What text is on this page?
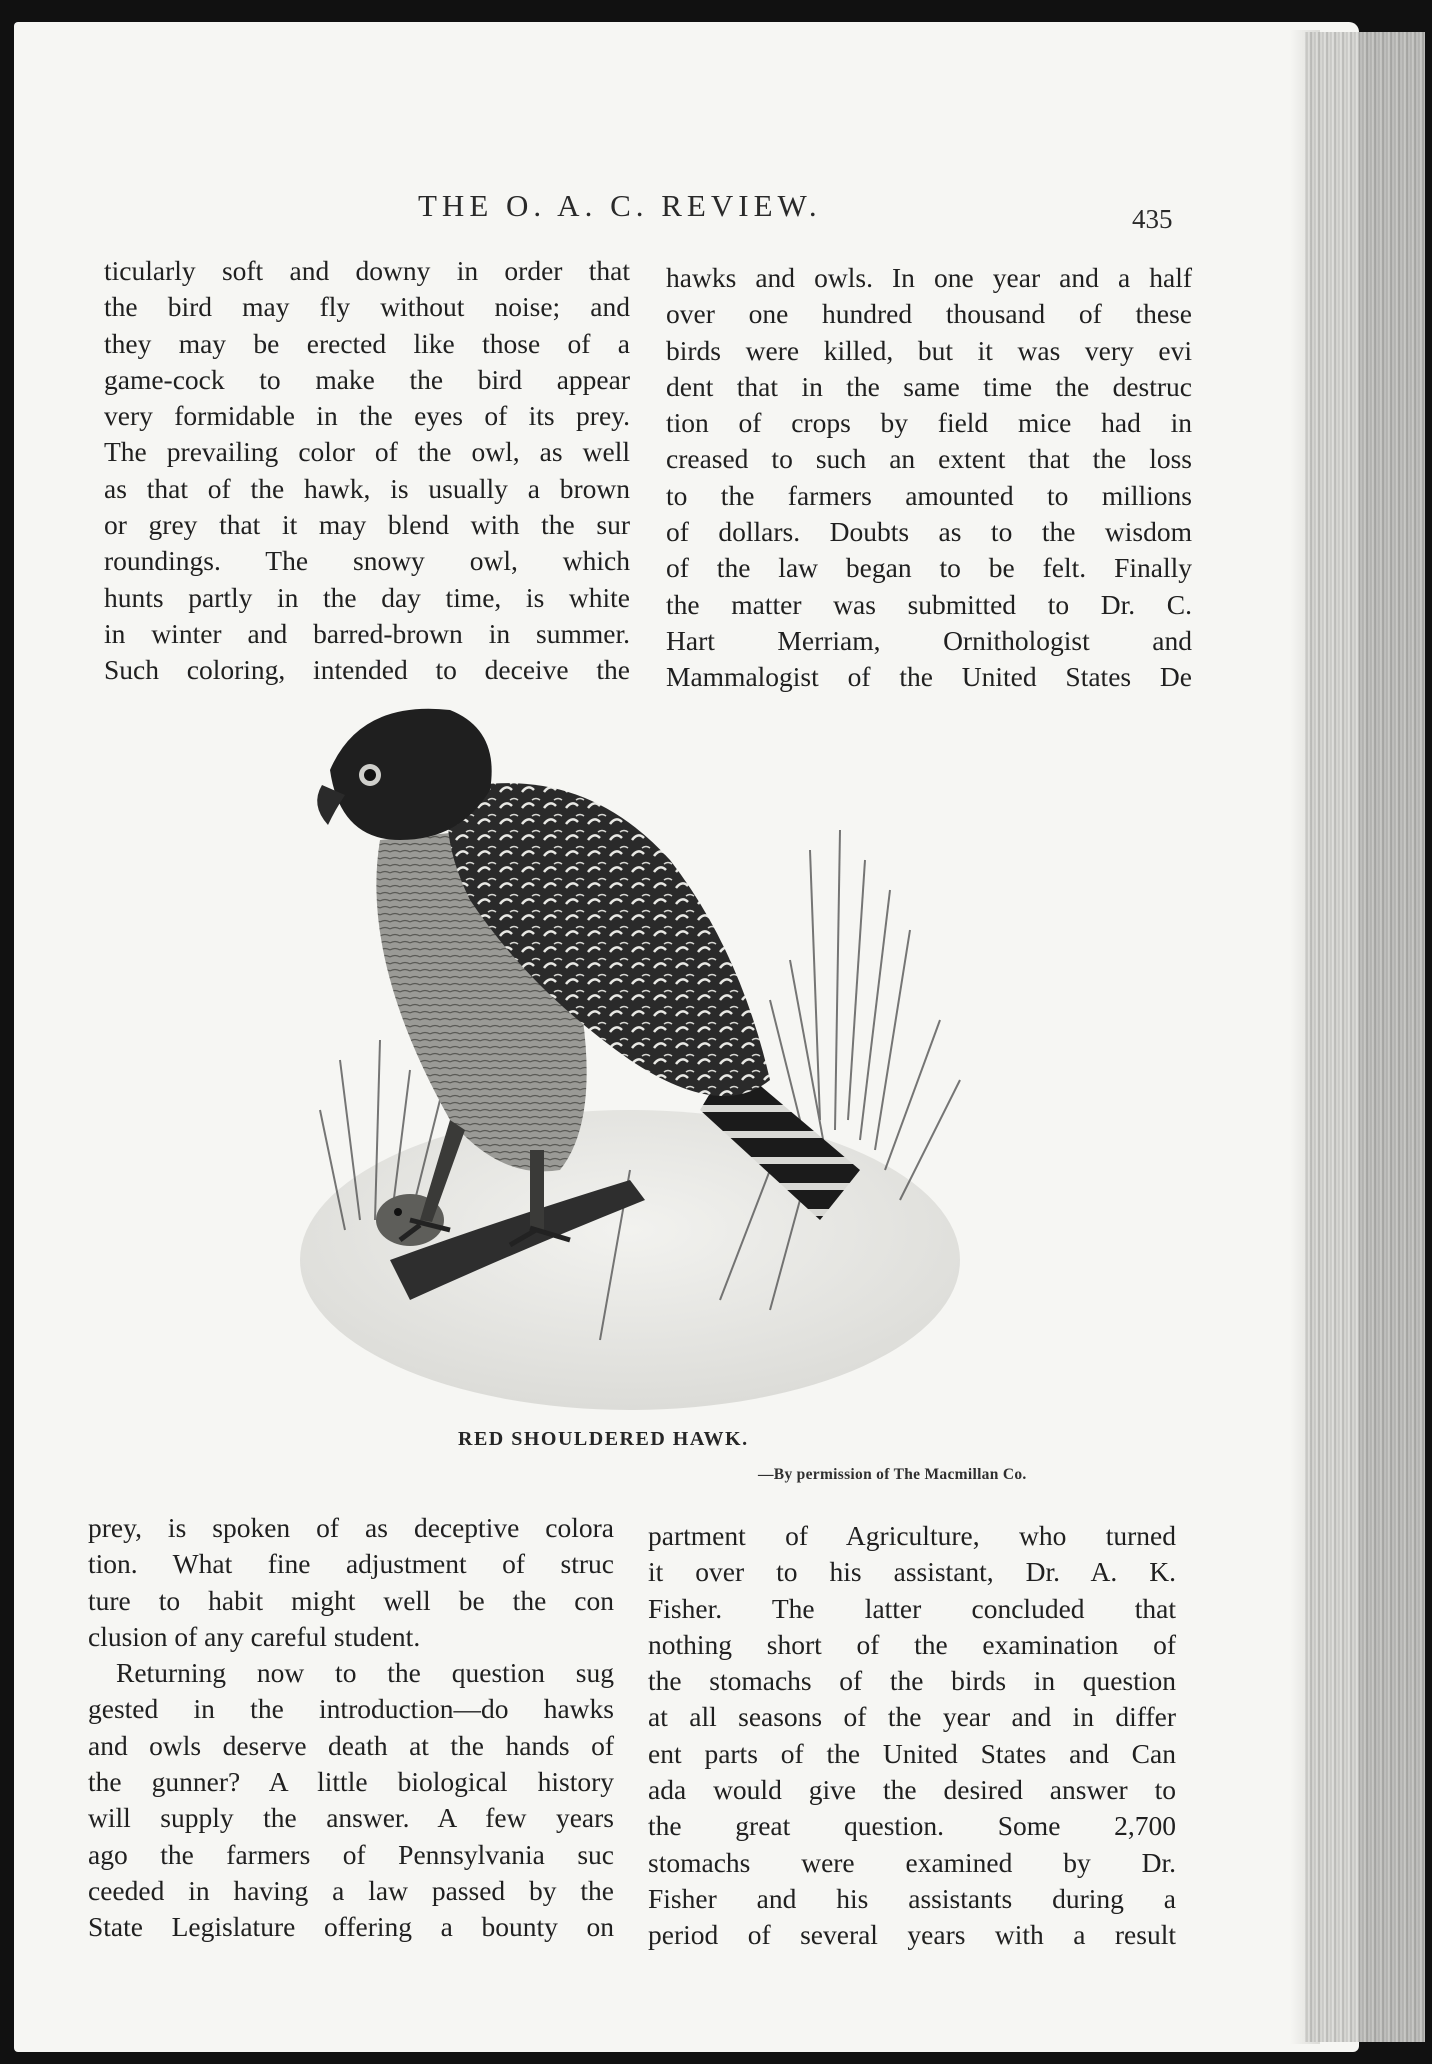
THE O. A. C. REVIEW.	435
ticularly soft and downy in order that
the bird may fly without noise; and
they may be erected like those of a
game-cock to make the bird appear
very formidable in the eyes of its prey.
The prevailing color of the owl, as well
as that of the hawk, is usually a brown
or grey that it may blend with the sur
roundings. The snowy owl, which
hunts partly in the day time, is white
in winter and barred-brown in summer.
Such coloring, intended to deceive the
hawks and owls. In one year and a half
over one hundred thousand of these
birds were killed, but it was very evi
dent that in the same time the destruc
tion of crops by field mice had in
creased to such an extent that the loss
to the farmers amounted to millions
of dollars. Doubts as to the wisdom
of the law began to be felt. Finally
the matter was submitted to Dr. C.
Hart Merriam, Ornithologist and
Mammalogist of the United States De
RED SHOULDERED HAWK.
—By permission of The Macmillan Co.
prey, is spoken of as deceptive colora
tion. What fine adjustment of struc
ture to habit might well be the con
clusion of any careful student.
Returning now to the question sug
gested in the introduction—do hawks
and owls deserve death at the hands of
the gunner? A little biological history
will supply the answer. A few years
ago the farmers of Pennsylvania suc
ceeded in having a law passed by the
State Legislature offering a bounty on
partment of Agriculture, who turned
it over to his assistant, Dr. A. K.
Fisher. The latter concluded that
nothing short of the examination of
the stomachs of the birds in question
at all seasons of the year and in differ
ent parts of the United States and Can
ada would give the desired answer to
the great question. Some 2,700
stomachs were examined by Dr.
Fisher and his assistants during a
period of several years with a result
